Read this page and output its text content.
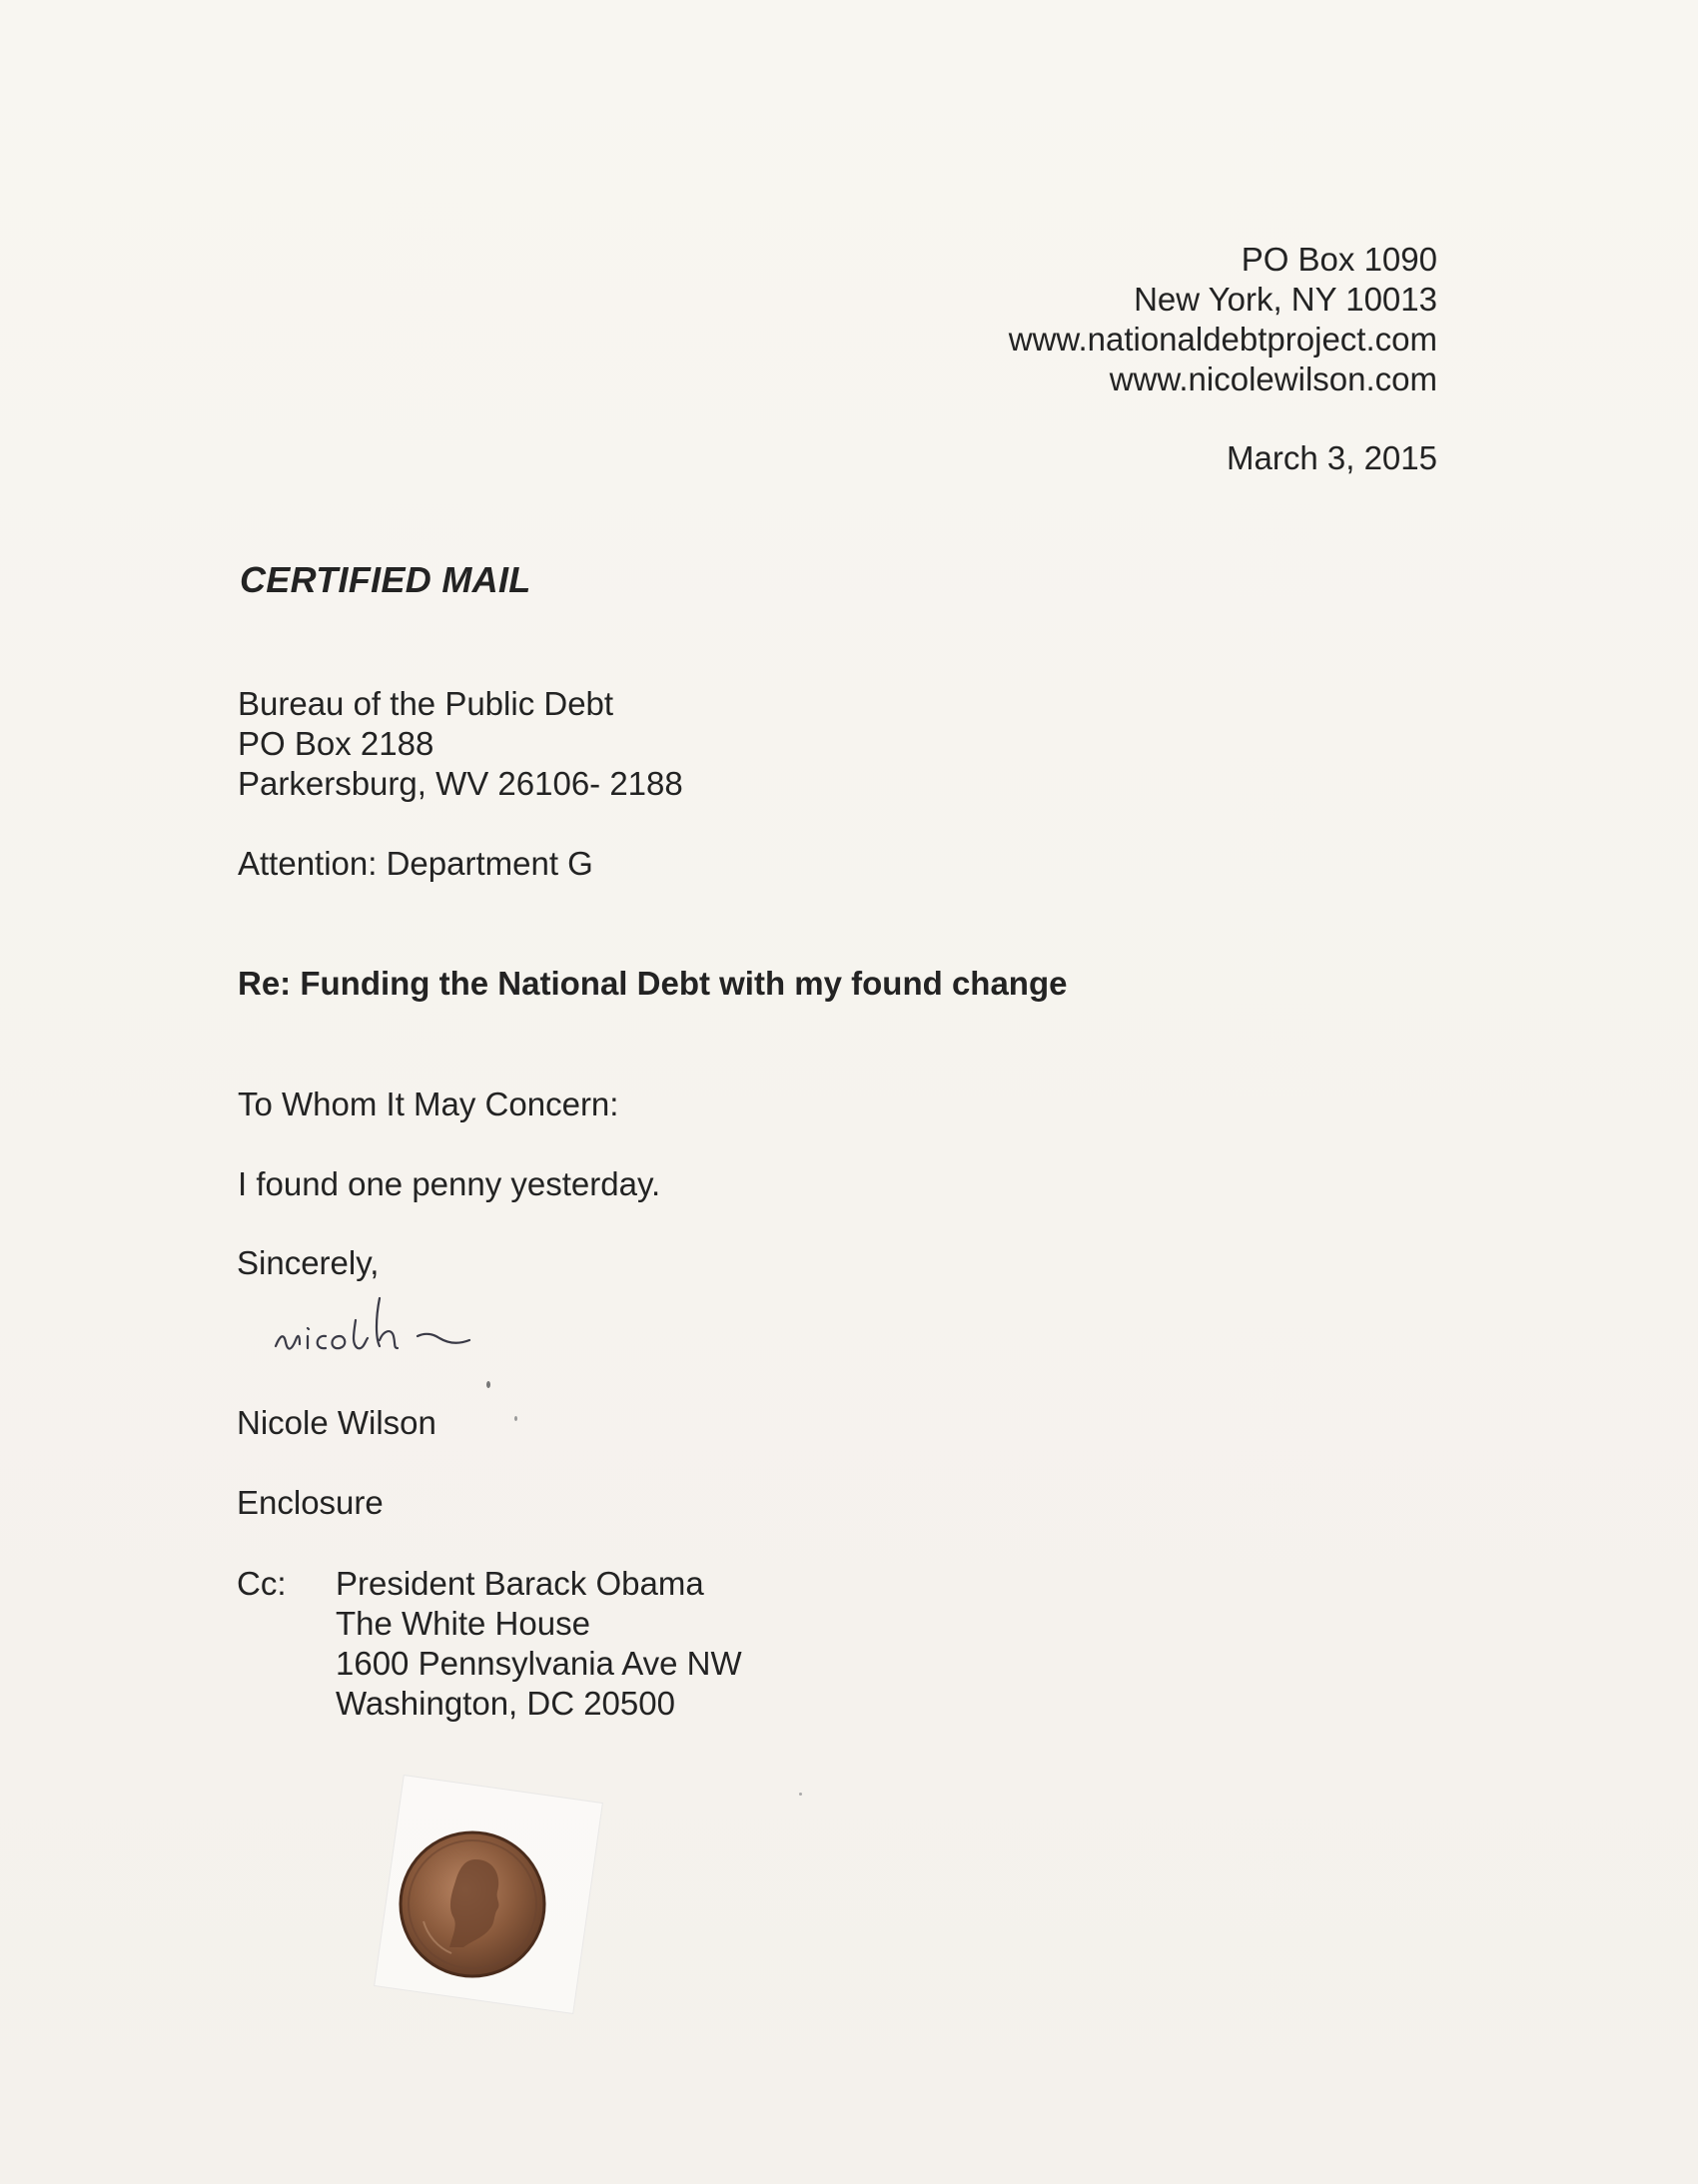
PO Box 1090
New York, NY 10013
www.nationaldebtproject.com
www.nicolewilson.com
March 3, 2015
CERTIFIED MAIL
Bureau of the Public Debt
PO Box 2188
Parkersburg, WV 26106- 2188
Attention: Department G
Re: Funding the National Debt with my found change
To Whom It May Concern:
I found one penny yesterday.
Sincerely,
Nicole Wilson
Enclosure
Cc: President Barack Obama
The White House
1600 Pennsylvania Ave NW
Washington, DC 20500
